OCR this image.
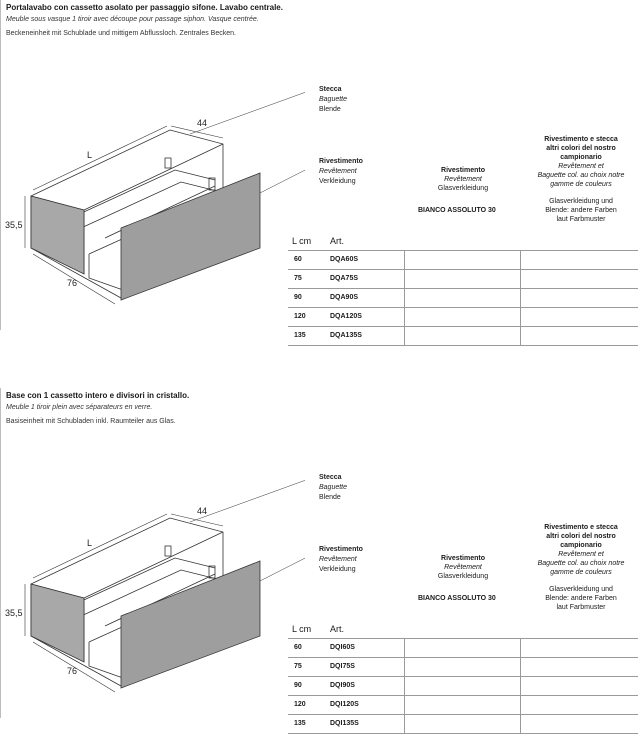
Portalavabo con cassetto asolato per passaggio sifone. Lavabo centrale.
Meuble sous vasque 1 tiroir avec découpe pour passage siphon. Vasque centrée.
Beckeneinheit mit Schublade und mittigem Abflussloch. Zentrales Becken.
44
L
35,5
76
Stecca
Baguette
Blende
Rivestimento
Revêtement
Verkleidung
Rivestimento
Revêtement
Glasverkleidung
Rivestimento e stecca
altri colori del nostro
campionario
Revêtement et
Baguette col. au choix notre
gamme de couleurs
Glasverkleidung und
Blende: andere Farben
laut Farbmuster
BIANCO ASSOLUTO 30
L cm Art.
60	DQA60S
75	DQA75S
90	DQA90S
120	DQA120S
135	DQA135S
Base con 1 cassetto intero e divisori in cristallo.
Meuble 1 tiroir plein avec séparateurs en verre.
Basiseinheit mit Schubladen inkl. Raumteiler aus Glas.
44
L
35,5
76
Stecca
Baguette
Blende
Rivestimento
Revêtement
Verkleidung
Rivestimento
Revêtement
Glasverkleidung
Rivestimento e stecca
altri colori del nostro
campionario
Revêtement et
Baguette col. au choix notre
gamme de couleurs
Glasverkleidung und
Blende: andere Farben
laut Farbmuster
BIANCO ASSOLUTO 30
L cm Art.
60	DQI60S
75	DQI75S
90	DQI90S
120	DQI120S
135	DQI135S
